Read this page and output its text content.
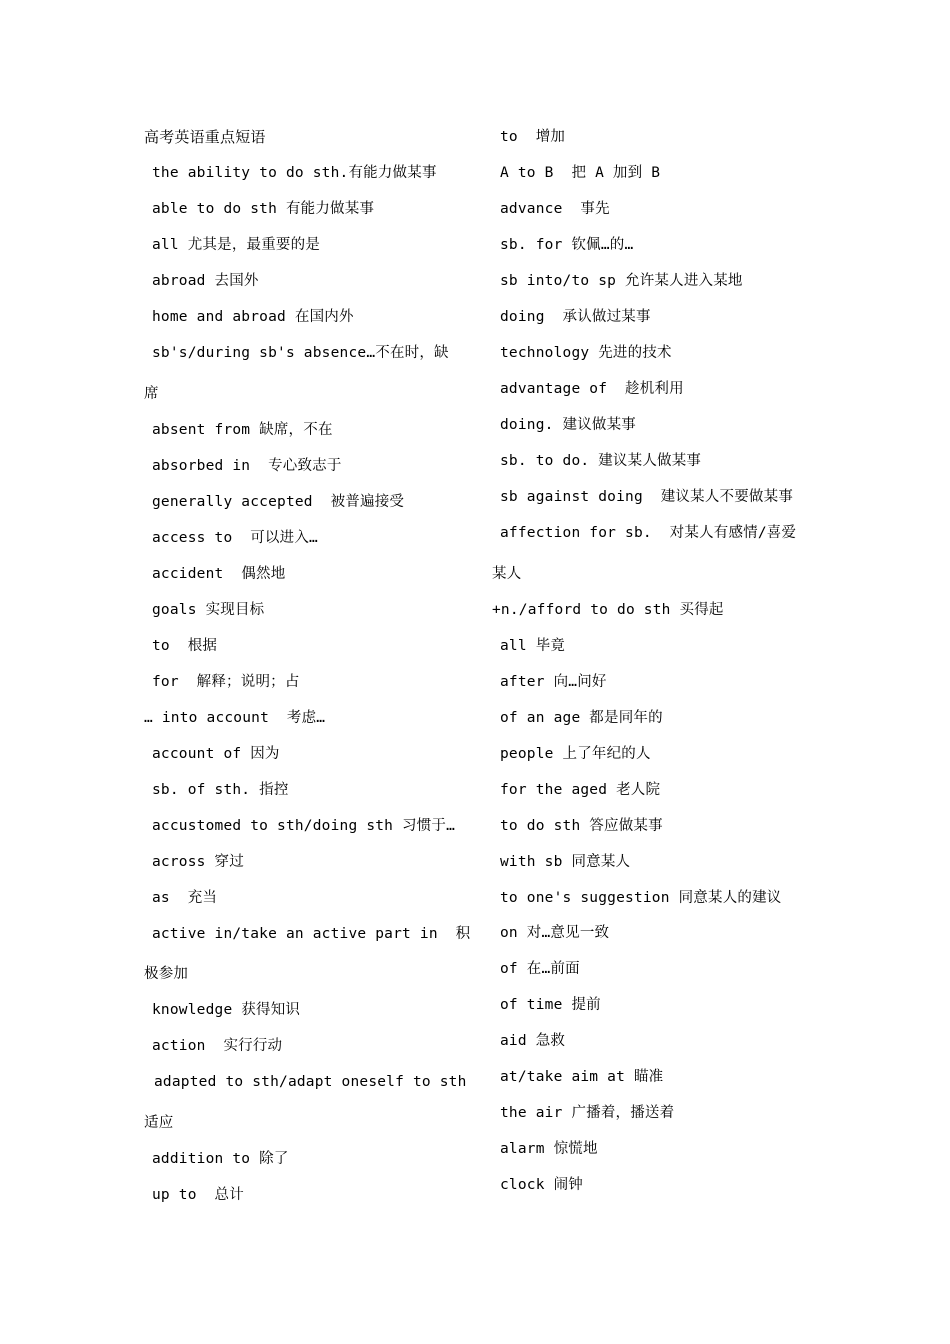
高考英语重点短语
the ability to do sth.有能力做某事
able to do sth 有能力做某事
all 尤其是，最重要的是
abroad 去国外
home and abroad 在国内外
sb's/during sb's absence…不在时，缺
席
absent from 缺席，不在
absorbed in  专心致志于
generally accepted  被普遍接受
access to  可以进入…
accident  偶然地
goals 实现目标
to  根据
for  解释；说明；占
… into account  考虑…
account of 因为
sb. of sth. 指控
accustomed to sth/doing sth 习惯于…
across 穿过
as  充当
active in/take an active part in  积
极参加
knowledge 获得知识
action  实行行动
adapted to sth/adapt oneself to sth
适应
addition to 除了
up to  总计
to  增加
A to B  把 A 加到 B
advance  事先
sb. for 钦佩…的…
sb into/to sp 允许某人进入某地
doing  承认做过某事
technology 先进的技术
advantage of  趁机利用
doing. 建议做某事
sb. to do. 建议某人做某事
sb against doing  建议某人不要做某事
affection for sb.  对某人有感情/喜爱
某人
+n./afford to do sth 买得起
all 毕竟
after 向…问好
of an age 都是同年的
people 上了年纪的人
for the aged 老人院
to do sth 答应做某事
with sb 同意某人
to one's suggestion 同意某人的建议
on 对…意见一致
of 在…前面
of time 提前
aid 急救
at/take aim at 瞄准
the air 广播着，播送着
alarm 惊慌地
clock 闹钟
